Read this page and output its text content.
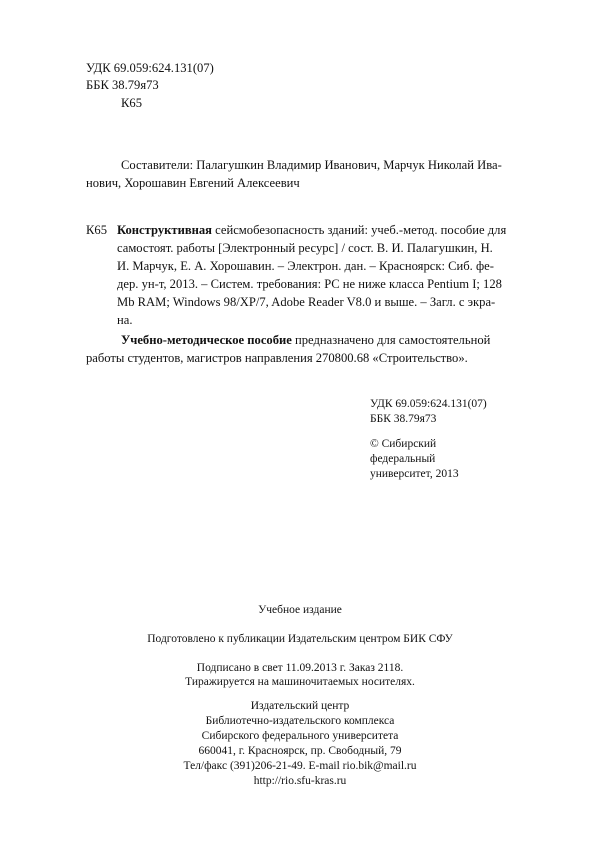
УДК 69.059:624.131(07)
ББК 38.79я73
К65
Составители: Палагушкин Владимир Иванович, Марчук Николай Ива-
нович, Хорошавин Евгений Алексеевич
К65 Конструктивная сейсмобезопасность зданий: учеб.-метод. пособие для
самостоят. работы [Электронный ресурс] / сост. В. И. Палагушкин, Н.
И. Марчук, Е. А. Хорошавин. – Электрон. дан. – Красноярск: Сиб. фе-
дер. ун-т, 2013. – Систем. требования: PC не ниже класса Pentium I; 128
Mb RAM; Windows 98/XP/7, Adobe Reader V8.0 и выше. – Загл. с экра-
на.
Учебно-методическое пособие предназначено для самостоятельной
работы студентов, магистров направления 270800.68 «Строительство».
УДК 69.059:624.131(07)
ББК 38.79я73
© Сибирский
федеральный
университет, 2013
Учебное издание
Подготовлено к публикации Издательским центром БИК СФУ
Подписано в свет 11.09.2013 г. Заказ 2118.
Тиражируется на машиночитаемых носителях.
Издательский центр
Библиотечно-издательского комплекса
Сибирского федерального университета
660041, г. Красноярск, пр. Свободный, 79
Тел/факс (391)206-21-49. E-mail rio.bik@mail.ru
http://rio.sfu-kras.ru
